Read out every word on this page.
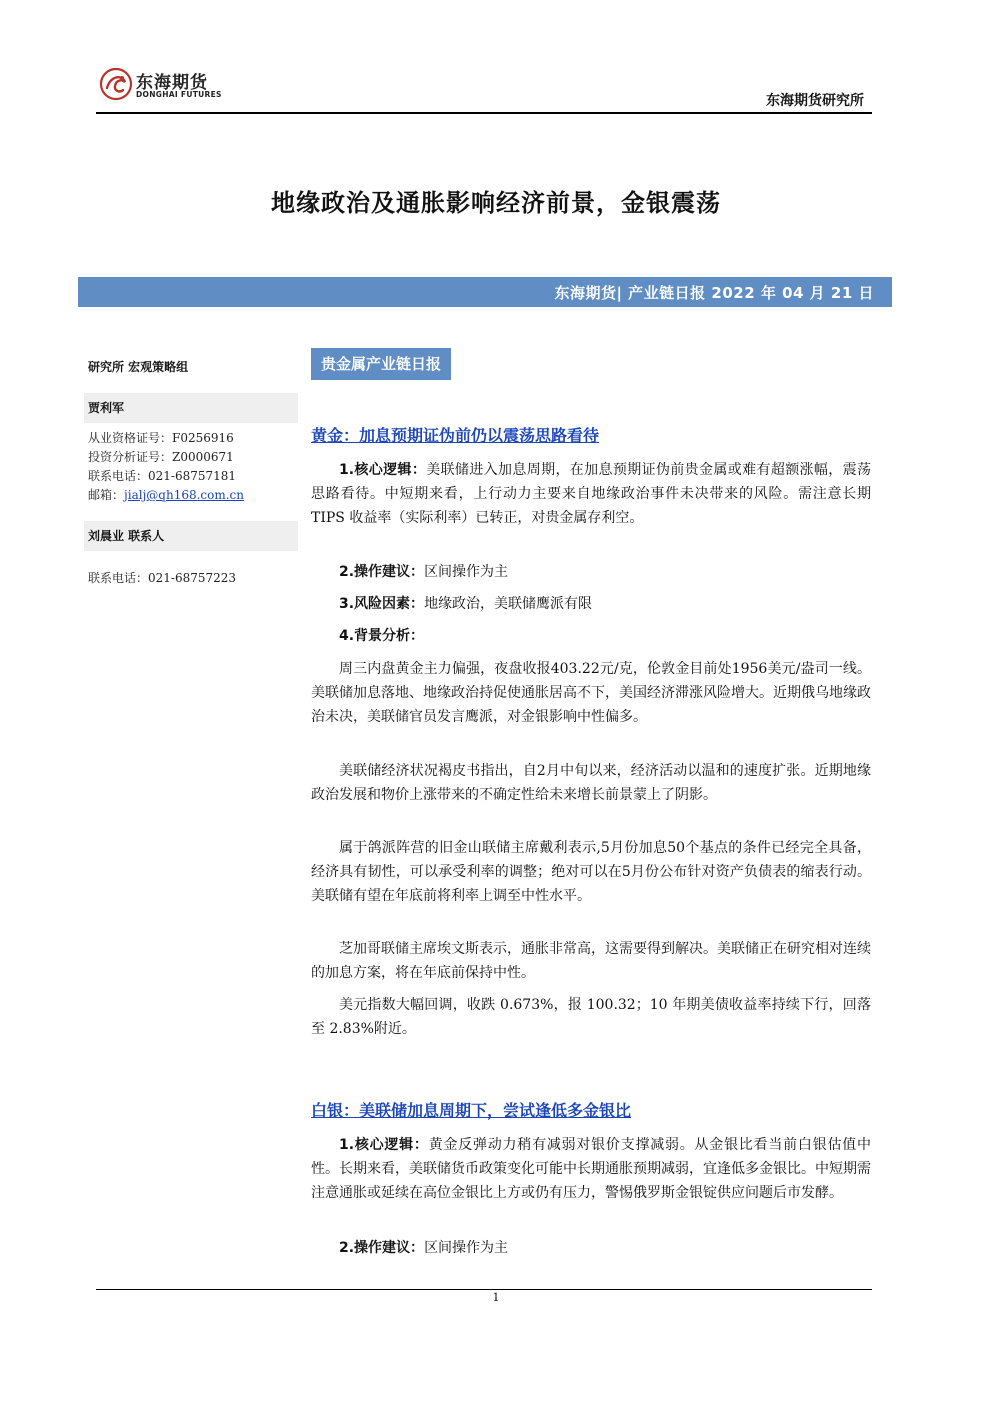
东海期货
DONGHAI FUTURES	东海期货研究所
地缘政治及通胀影响经济前景，金银震荡
东海期货| 产业链日报 2022 年 04 月 21 日
研究所 宏观策略组
贾利军
从业资格证号：F0256916
投资分析证号：Z0000671
联系电话：021-68757181
邮箱：jialj@qh168.com.cn
刘晨业 联系人
联系电话：021-68757223
贵金属产业链日报
黄金：加息预期证伪前仍以震荡思路看待
1.核心逻辑：美联储进入加息周期，在加息预期证伪前贵金属或难有超额涨幅，震荡思路看待。中短期来看，上行动力主要来自地缘政治事件未决带来的风险。需注意长期 TIPS 收益率（实际利率）已转正，对贵金属存利空。
2.操作建议：区间操作为主
3.风险因素：地缘政治，美联储鹰派有限
4.背景分析：
周三内盘黄金主力偏强，夜盘收报403.22元/克，伦敦金目前处1956美元/盎司一线。美联储加息落地、地缘政治持促使通胀居高不下，美国经济滞涨风险增大。近期俄乌地缘政治未决，美联储官员发言鹰派，对金银影响中性偏多。
美联储经济状况褐皮书指出，自2月中旬以来，经济活动以温和的速度扩张。近期地缘政治发展和物价上涨带来的不确定性给未来增长前景蒙上了阴影。
属于鸽派阵营的旧金山联储主席戴利表示,5月份加息50个基点的条件已经完全具备，经济具有韧性，可以承受利率的调整；绝对可以在5月份公布针对资产负债表的缩表行动。美联储有望在年底前将利率上调至中性水平。
芝加哥联储主席埃文斯表示，通胀非常高，这需要得到解决。美联储正在研究相对连续的加息方案，将在年底前保持中性。
美元指数大幅回调，收跌 0.673%，报 100.32；10 年期美债收益率持续下行，回落至 2.83%附近。
白银：美联储加息周期下，尝试逢低多金银比
1.核心逻辑：黄金反弹动力稍有减弱对银价支撑减弱。从金银比看当前白银估值中性。长期来看，美联储货币政策变化可能中长期通胀预期减弱，宜逢低多金银比。中短期需注意通胀或延续在高位金银比上方或仍有压力，警惕俄罗斯金银锭供应问题后市发酵。
2.操作建议：区间操作为主
1
